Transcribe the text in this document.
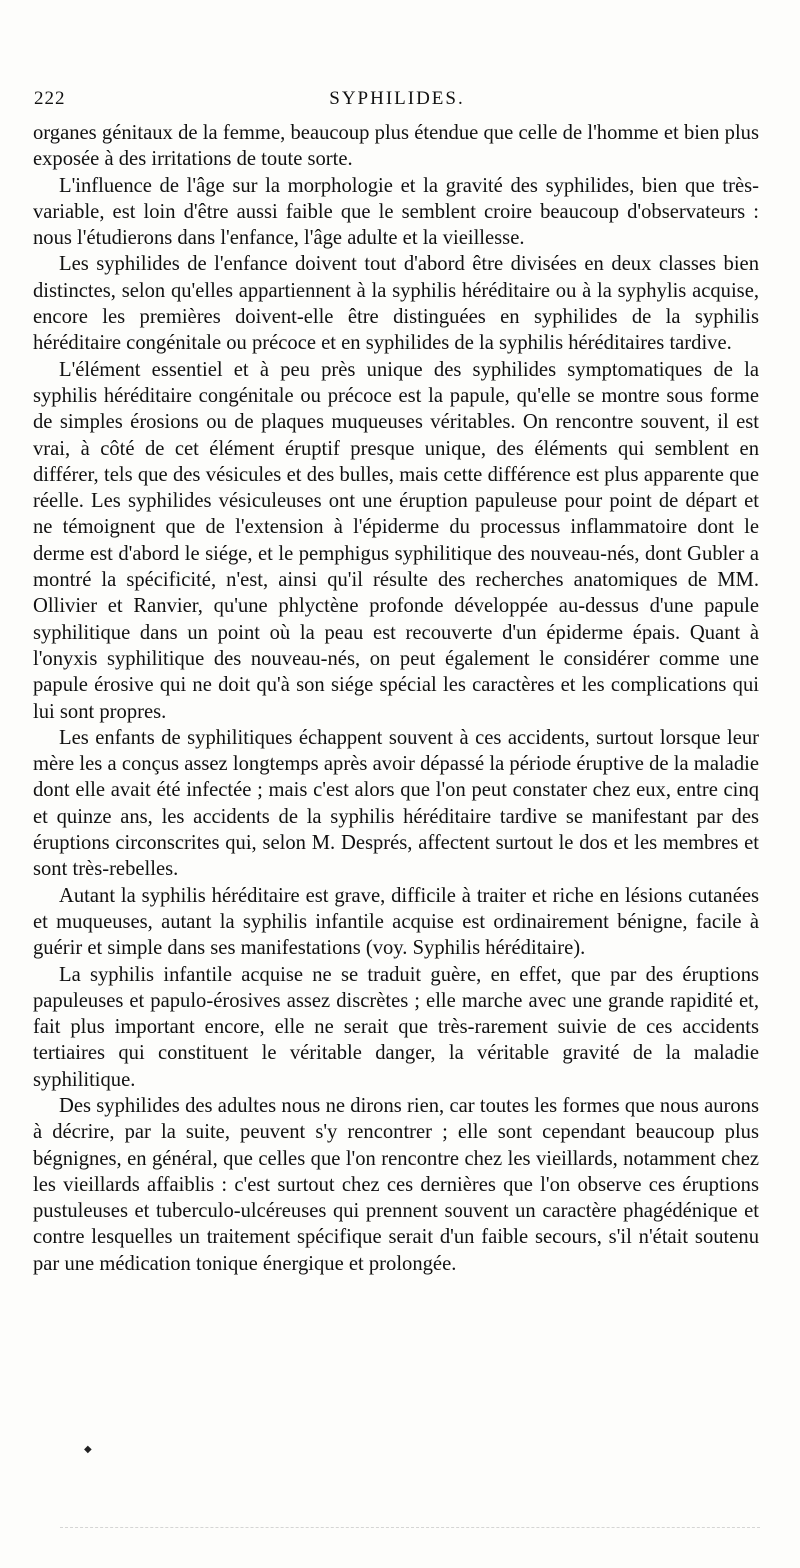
222	SYPHILIDES.

organes génitaux de la femme, beaucoup plus étendue que celle de l'homme et bien plus exposée à des irritations de toute sorte.

L'influence de l'âge sur la morphologie et la gravité des syphilides, bien que très-variable, est loin d'être aussi faible que le semblent croire beaucoup d'observateurs : nous l'étudierons dans l'enfance, l'âge adulte et la vieillesse.

Les syphilides de l'enfance doivent tout d'abord être divisées en deux classes bien distinctes, selon qu'elles appartiennent à la syphilis héréditaire ou à la syphylis acquise, encore les premières doivent-elle être distinguées en syphilides de la syphilis héréditaire congénitale ou précoce et en syphilides de la syphilis héréditaires tardive.

L'élément essentiel et à peu près unique des syphilides symptomatiques de la syphilis héréditaire congénitale ou précoce est la papule, qu'elle se montre sous forme de simples érosions ou de plaques muqueuses véritables. On rencontre souvent, il est vrai, à côté de cet élément éruptif presque unique, des éléments qui semblent en différer, tels que des vésicules et des bulles, mais cette différence est plus apparente que réelle. Les syphilides vésiculeuses ont une éruption papuleuse pour point de départ et ne témoignent que de l'extension à l'épiderme du processus inflammatoire dont le derme est d'abord le siége, et le pemphigus syphilitique des nouveau-nés, dont Gubler a montré la spécificité, n'est, ainsi qu'il résulte des recherches anatomiques de MM. Ollivier et Ranvier, qu'une phlyctène profonde développée au-dessus d'une papule syphilitique dans un point où la peau est recouverte d'un épiderme épais. Quant à l'onyxis syphilitique des nouveau-nés, on peut également le considérer comme une papule érosive qui ne doit qu'à son siége spécial les caractères et les complications qui lui sont propres.

Les enfants de syphilitiques échappent souvent à ces accidents, surtout lorsque leur mère les a conçus assez longtemps après avoir dépassé la période éruptive de la maladie dont elle avait été infectée ; mais c'est alors que l'on peut constater chez eux, entre cinq et quinze ans, les accidents de la syphilis héréditaire tardive se manifestant par des éruptions circonscrites qui, selon M. Després, affectent surtout le dos et les membres et sont très-rebelles.

Autant la syphilis héréditaire est grave, difficile à traiter et riche en lésions cutanées et muqueuses, autant la syphilis infantile acquise est ordinairement bénigne, facile à guérir et simple dans ses manifestations (voy. Syphilis héréditaire).

La syphilis infantile acquise ne se traduit guère, en effet, que par des éruptions papuleuses et papulo-érosives assez discrètes ; elle marche avec une grande rapidité et, fait plus important encore, elle ne serait que très-rarement suivie de ces accidents tertiaires qui constituent le véritable danger, la véritable gravité de la maladie syphilitique.

Des syphilides des adultes nous ne dirons rien, car toutes les formes que nous aurons à décrire, par la suite, peuvent s'y rencontrer ; elle sont cependant beaucoup plus bégnignes, en général, que celles que l'on rencontre chez les vieillards, notamment chez les vieillards affaiblis : c'est surtout chez ces dernières que l'on observe ces éruptions pustuleuses et tuberculo-ulcéreuses qui prennent souvent un caractère phagédénique et contre lesquelles un traitement spécifique serait d'un faible secours, s'il n'était soutenu par une médication tonique énergique et prolongée.

◆
